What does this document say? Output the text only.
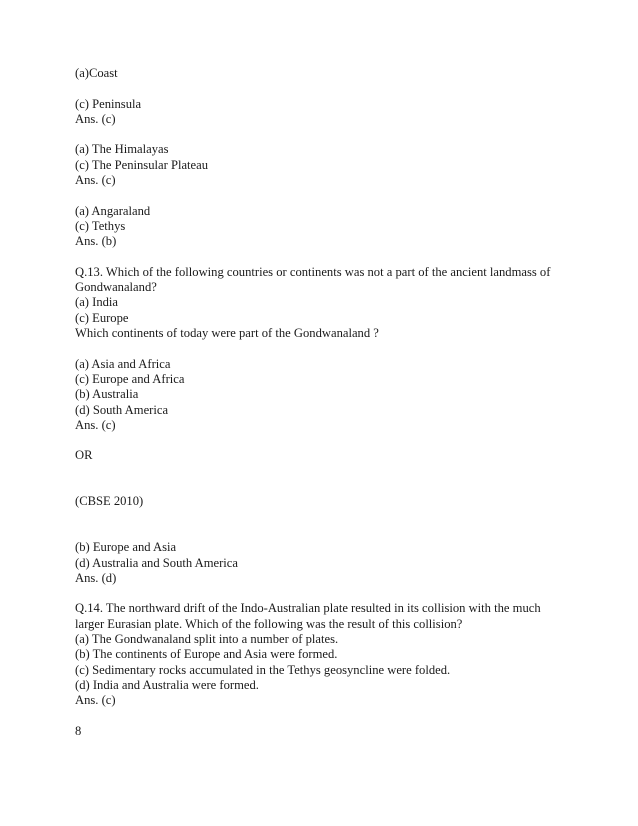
(a)Coast
(c) Peninsula
Ans. (c)
(a) The Himalayas
(c) The Peninsular Plateau
Ans. (c)
(a) Angaraland
(c) Tethys
Ans. (b)
Q.13. Which of the following countries or continents was not a part of the ancient landmass of
Gondwanaland?
(a) India
(c) Europe
Which continents of today were part of the Gondwanaland ?
(a) Asia and Africa
(c) Europe and Africa
(b) Australia
(d) South America
Ans. (c)
OR
(CBSE 2010)
(b) Europe and Asia
(d) Australia and South America
Ans. (d)
Q.14. The northward drift of the Indo-Australian plate resulted in its collision with the much
larger Eurasian plate. Which of the following was the result of this collision?
(a) The Gondwanaland split into a number of plates.
(b) The continents of Europe and Asia were formed.
(c) Sedimentary rocks accumulated in the Tethys geosyncline were folded.
(d) India and Australia were formed.
Ans. (c)
8
